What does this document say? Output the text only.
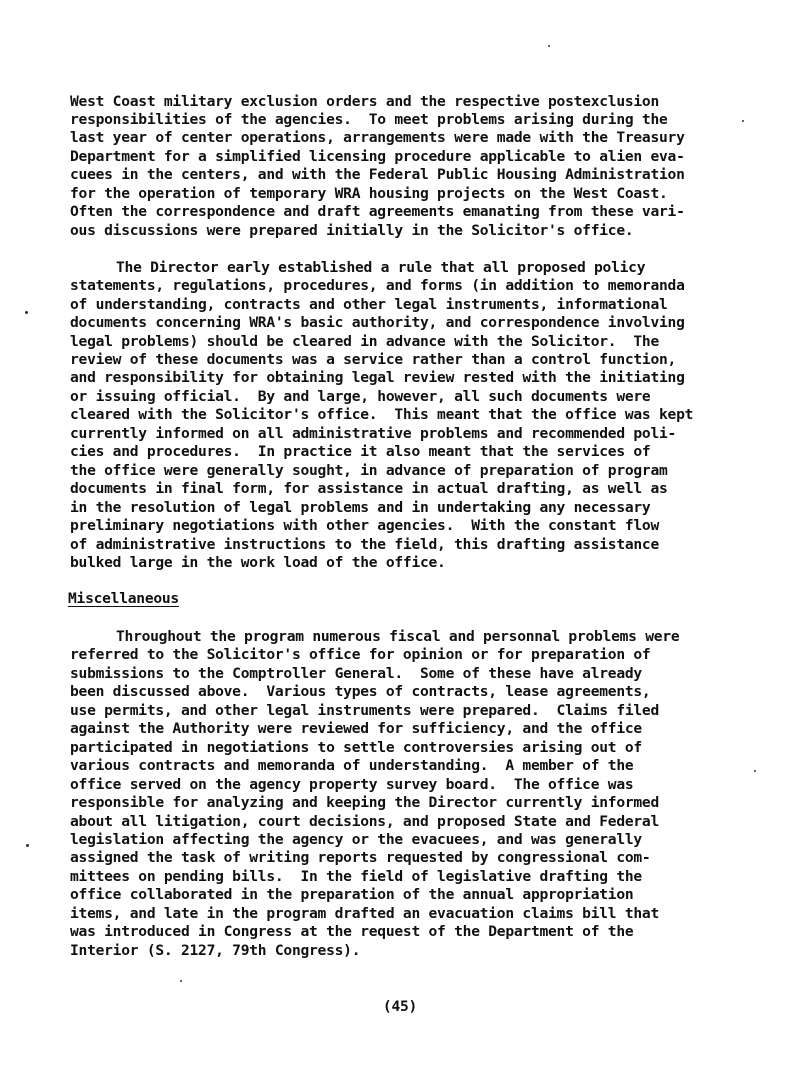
West Coast military exclusion orders and the respective postexclusion
responsibilities of the agencies.  To meet problems arising during the
last year of center operations, arrangements were made with the Treasury
Department for a simplified licensing procedure applicable to alien eva-
cuees in the centers, and with the Federal Public Housing Administration
for the operation of temporary WRA housing projects on the West Coast.
Often the correspondence and draft agreements emanating from these vari-
ous discussions were prepared initially in the Solicitor's office.
The Director early established a rule that all proposed policy
statements, regulations, procedures, and forms (in addition to memoranda
of understanding, contracts and other legal instruments, informational
documents concerning WRA's basic authority, and correspondence involving
legal problems) should be cleared in advance with the Solicitor.  The
review of these documents was a service rather than a control function,
and responsibility for obtaining legal review rested with the initiating
or issuing official.  By and large, however, all such documents were
cleared with the Solicitor's office.  This meant that the office was kept
currently informed on all administrative problems and recommended poli-
cies and procedures.  In practice it also meant that the services of
the office were generally sought, in advance of preparation of program
documents in final form, for assistance in actual drafting, as well as
in the resolution of legal problems and in undertaking any necessary
preliminary negotiations with other agencies.  With the constant flow
of administrative instructions to the field, this drafting assistance
bulked large in the work load of the office.
Miscellaneous
Throughout the program numerous fiscal and personnal problems were
referred to the Solicitor's office for opinion or for preparation of
submissions to the Comptroller General.  Some of these have already
been discussed above.  Various types of contracts, lease agreements,
use permits, and other legal instruments were prepared.  Claims filed
against the Authority were reviewed for sufficiency, and the office
participated in negotiations to settle controversies arising out of
various contracts and memoranda of understanding.  A member of the
office served on the agency property survey board.  The office was
responsible for analyzing and keeping the Director currently informed
about all litigation, court decisions, and proposed State and Federal
legislation affecting the agency or the evacuees, and was generally
assigned the task of writing reports requested by congressional com-
mittees on pending bills.  In the field of legislative drafting the
office collaborated in the preparation of the annual appropriation
items, and late in the program drafted an evacuation claims bill that
was introduced in Congress at the request of the Department of the
Interior (S. 2127, 79th Congress).
(45)
